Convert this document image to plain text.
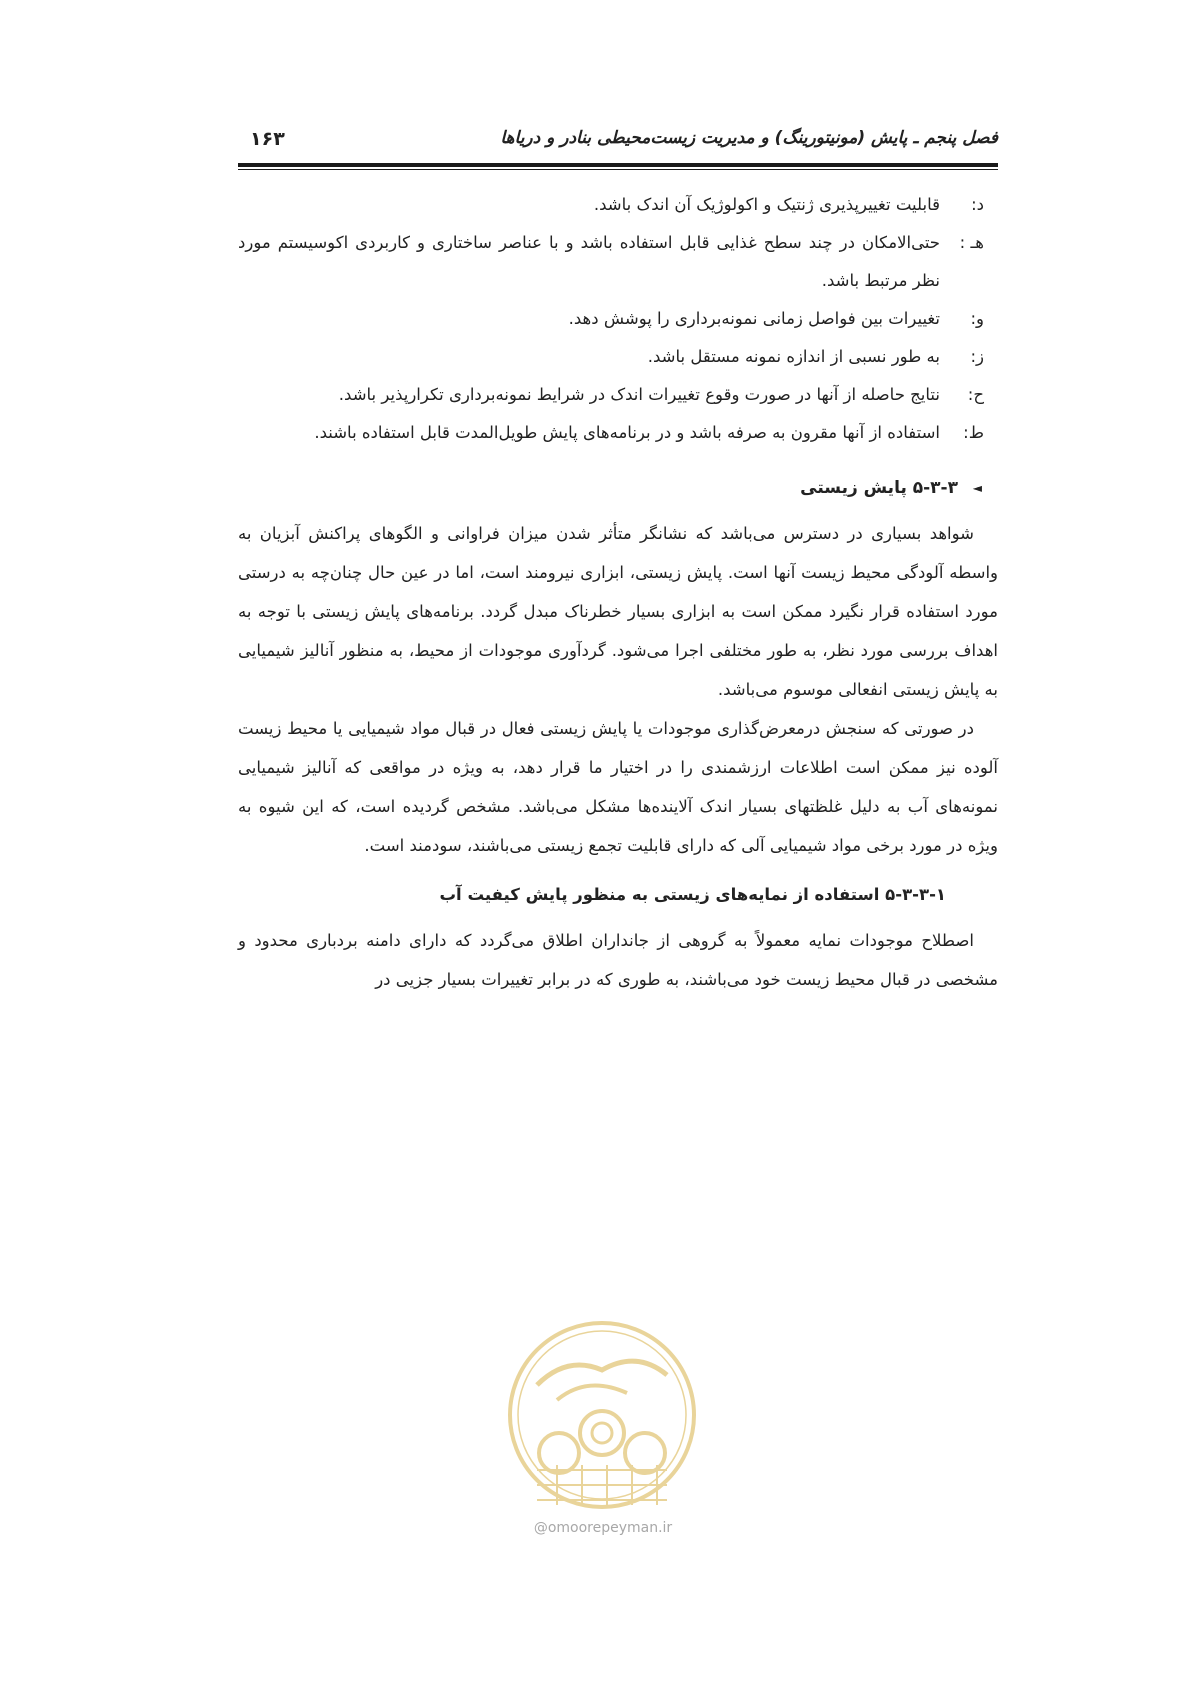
فصل پنجم ـ پایش (مونیتورینگ) و مدیریت زیست‌محیطی بنادر و دریاها
۱۶۳
د:
قابلیت تغییرپذیری ژنتیک و اکولوژیک آن اندک باشد.
هـ :
حتی‌الامکان در چند سطح غذایی قابل استفاده باشد و با عناصر ساختاری و کاربردی اکوسیستم مورد نظر مرتبط باشد.
و:
تغییرات بین فواصل زمانی نمونه‌برداری را پوشش دهد.
ز:
به طور نسبی از اندازه نمونه مستقل باشد.
ح:
نتایج حاصله از آنها در صورت وقوع تغییرات اندک در شرایط نمونه‌برداری تکرارپذیر باشد.
ط:
استفاده از آنها مقرون به صرفه باشد و در برنامه‌های پایش طویل‌المدت قابل استفاده باشند.
◄
۵-۳-۳ پایش زیستی

شواهد بسیاری در دسترس می‌باشد که نشانگر متأثر شدن میزان فراوانی و الگوهای پراکنش آبزیان به واسطه آلودگی محیط زیست آنها است. پایش زیستی، ابزاری نیرومند است، اما در عین حال چنان‌چه به درستی مورد استفاده قرار نگیرد ممکن است به ابزاری بسیار خطرناک مبدل گردد. برنامه‌های پایش زیستی با توجه به اهداف بررسی مورد نظر، به طور مختلفی اجرا می‌شود. گردآوری موجودات از محیط، به منظور آنالیز شیمیایی به پایش زیستی انفعالی موسوم می‌باشد.

در صورتی که سنجش درمعرض‌گذاری موجودات یا پایش زیستی فعال در قبال مواد شیمیایی یا محیط زیست آلوده نیز ممکن است اطلاعات ارزشمندی را در اختیار ما قرار دهد، به ویژه در مواقعی که آنالیز شیمیایی نمونه‌های آب به دلیل غلظتهای بسیار اندک آلاینده‌ها مشکل می‌باشد. مشخص گردیده است، که این شیوه به ویژه در مورد برخی مواد شیمیایی آلی که دارای قابلیت تجمع زیستی می‌باشند، سودمند است.

۵-۳-۳-۱ استفاده از نمایه‌های زیستی به منظور پایش کیفیت آب

اصطلاح موجودات نمایه معمولاً به گروهی از جانداران اطلاق می‌گردد که دارای دامنه بردباری محدود و مشخصی در قبال محیط زیست خود می‌باشند، به طوری که در برابر تغییرات بسیار جزیی در

@omoorepeyman.ir
